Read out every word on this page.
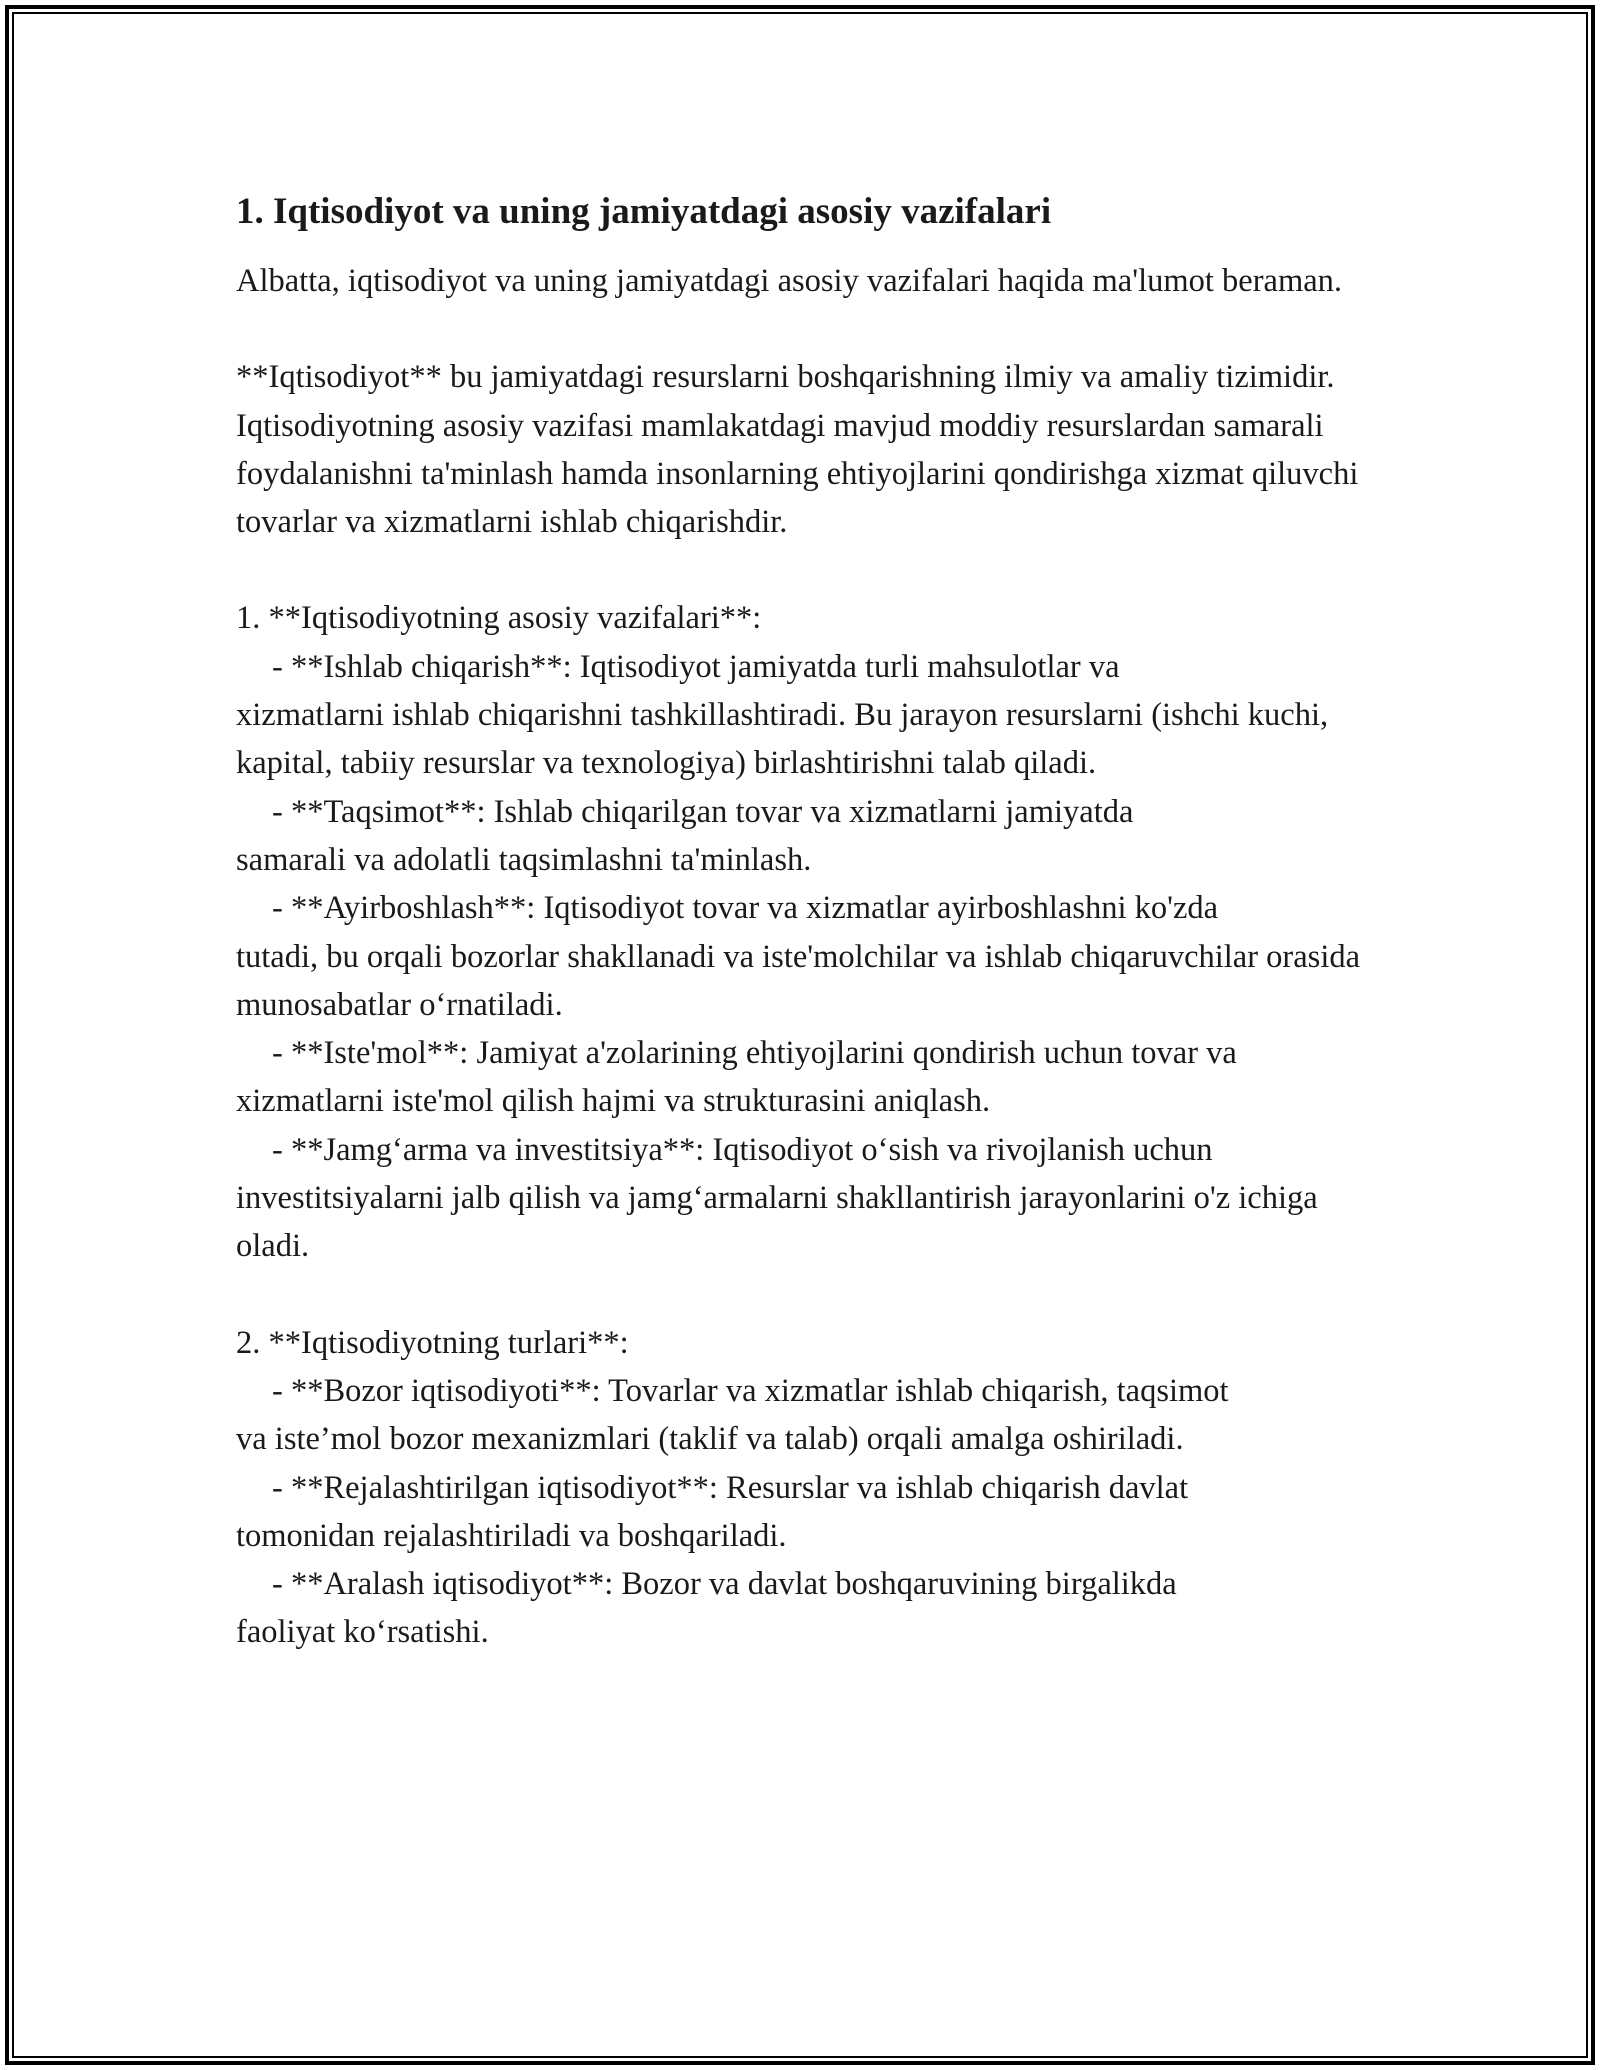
1. Iqtisodiyot va uning jamiyatdagi asosiy vazifalari

Albatta, iqtisodiyot va uning jamiyatdagi asosiy vazifalari haqida ma'lumot beraman.

**Iqtisodiyot** bu jamiyatdagi resurslarni boshqarishning ilmiy va amaliy tizimidir. Iqtisodiyotning asosiy vazifasi mamlakatdagi mavjud moddiy resurslardan samarali foydalanishni ta'minlash hamda insonlarning ehtiyojlarini qondirishga xizmat qiluvchi tovarlar va xizmatlarni ishlab chiqarishdir.

1. **Iqtisodiyotning asosiy vazifalari**:

- **Ishlab chiqarish**: Iqtisodiyot jamiyatda turli mahsulotlar va
xizmatlarni ishlab chiqarishni tashkillashtiradi. Bu jarayon resurslarni (ishchi kuchi, kapital, tabiiy resurslar va texnologiya) birlashtirishni talab qiladi.
- **Taqsimot**: Ishlab chiqarilgan tovar va xizmatlarni jamiyatda
samarali va adolatli taqsimlashni ta'minlash.
- **Ayirboshlash**: Iqtisodiyot tovar va xizmatlar ayirboshlashni ko'zda
tutadi, bu orqali bozorlar shakllanadi va iste'molchilar va ishlab chiqaruvchilar orasida munosabatlar o‘rnatiladi.
- **Iste'mol**: Jamiyat a'zolarining ehtiyojlarini qondirish uchun tovar va
xizmatlarni iste'mol qilish hajmi va strukturasini aniqlash.
- **Jamg‘arma va investitsiya**: Iqtisodiyot o‘sish va rivojlanish uchun
investitsiyalarni jalb qilish va jamg‘armalarni shakllantirish jarayonlarini o'z ichiga oladi.

2. **Iqtisodiyotning turlari**:

- **Bozor iqtisodiyoti**: Tovarlar va xizmatlar ishlab chiqarish, taqsimot
va iste’mol bozor mexanizmlari (taklif va talab) orqali amalga oshiriladi.
- **Rejalashtirilgan iqtisodiyot**: Resurslar va ishlab chiqarish davlat
tomonidan rejalashtiriladi va boshqariladi.
- **Aralash iqtisodiyot**: Bozor va davlat boshqaruvining birgalikda
faoliyat ko‘rsatishi.
